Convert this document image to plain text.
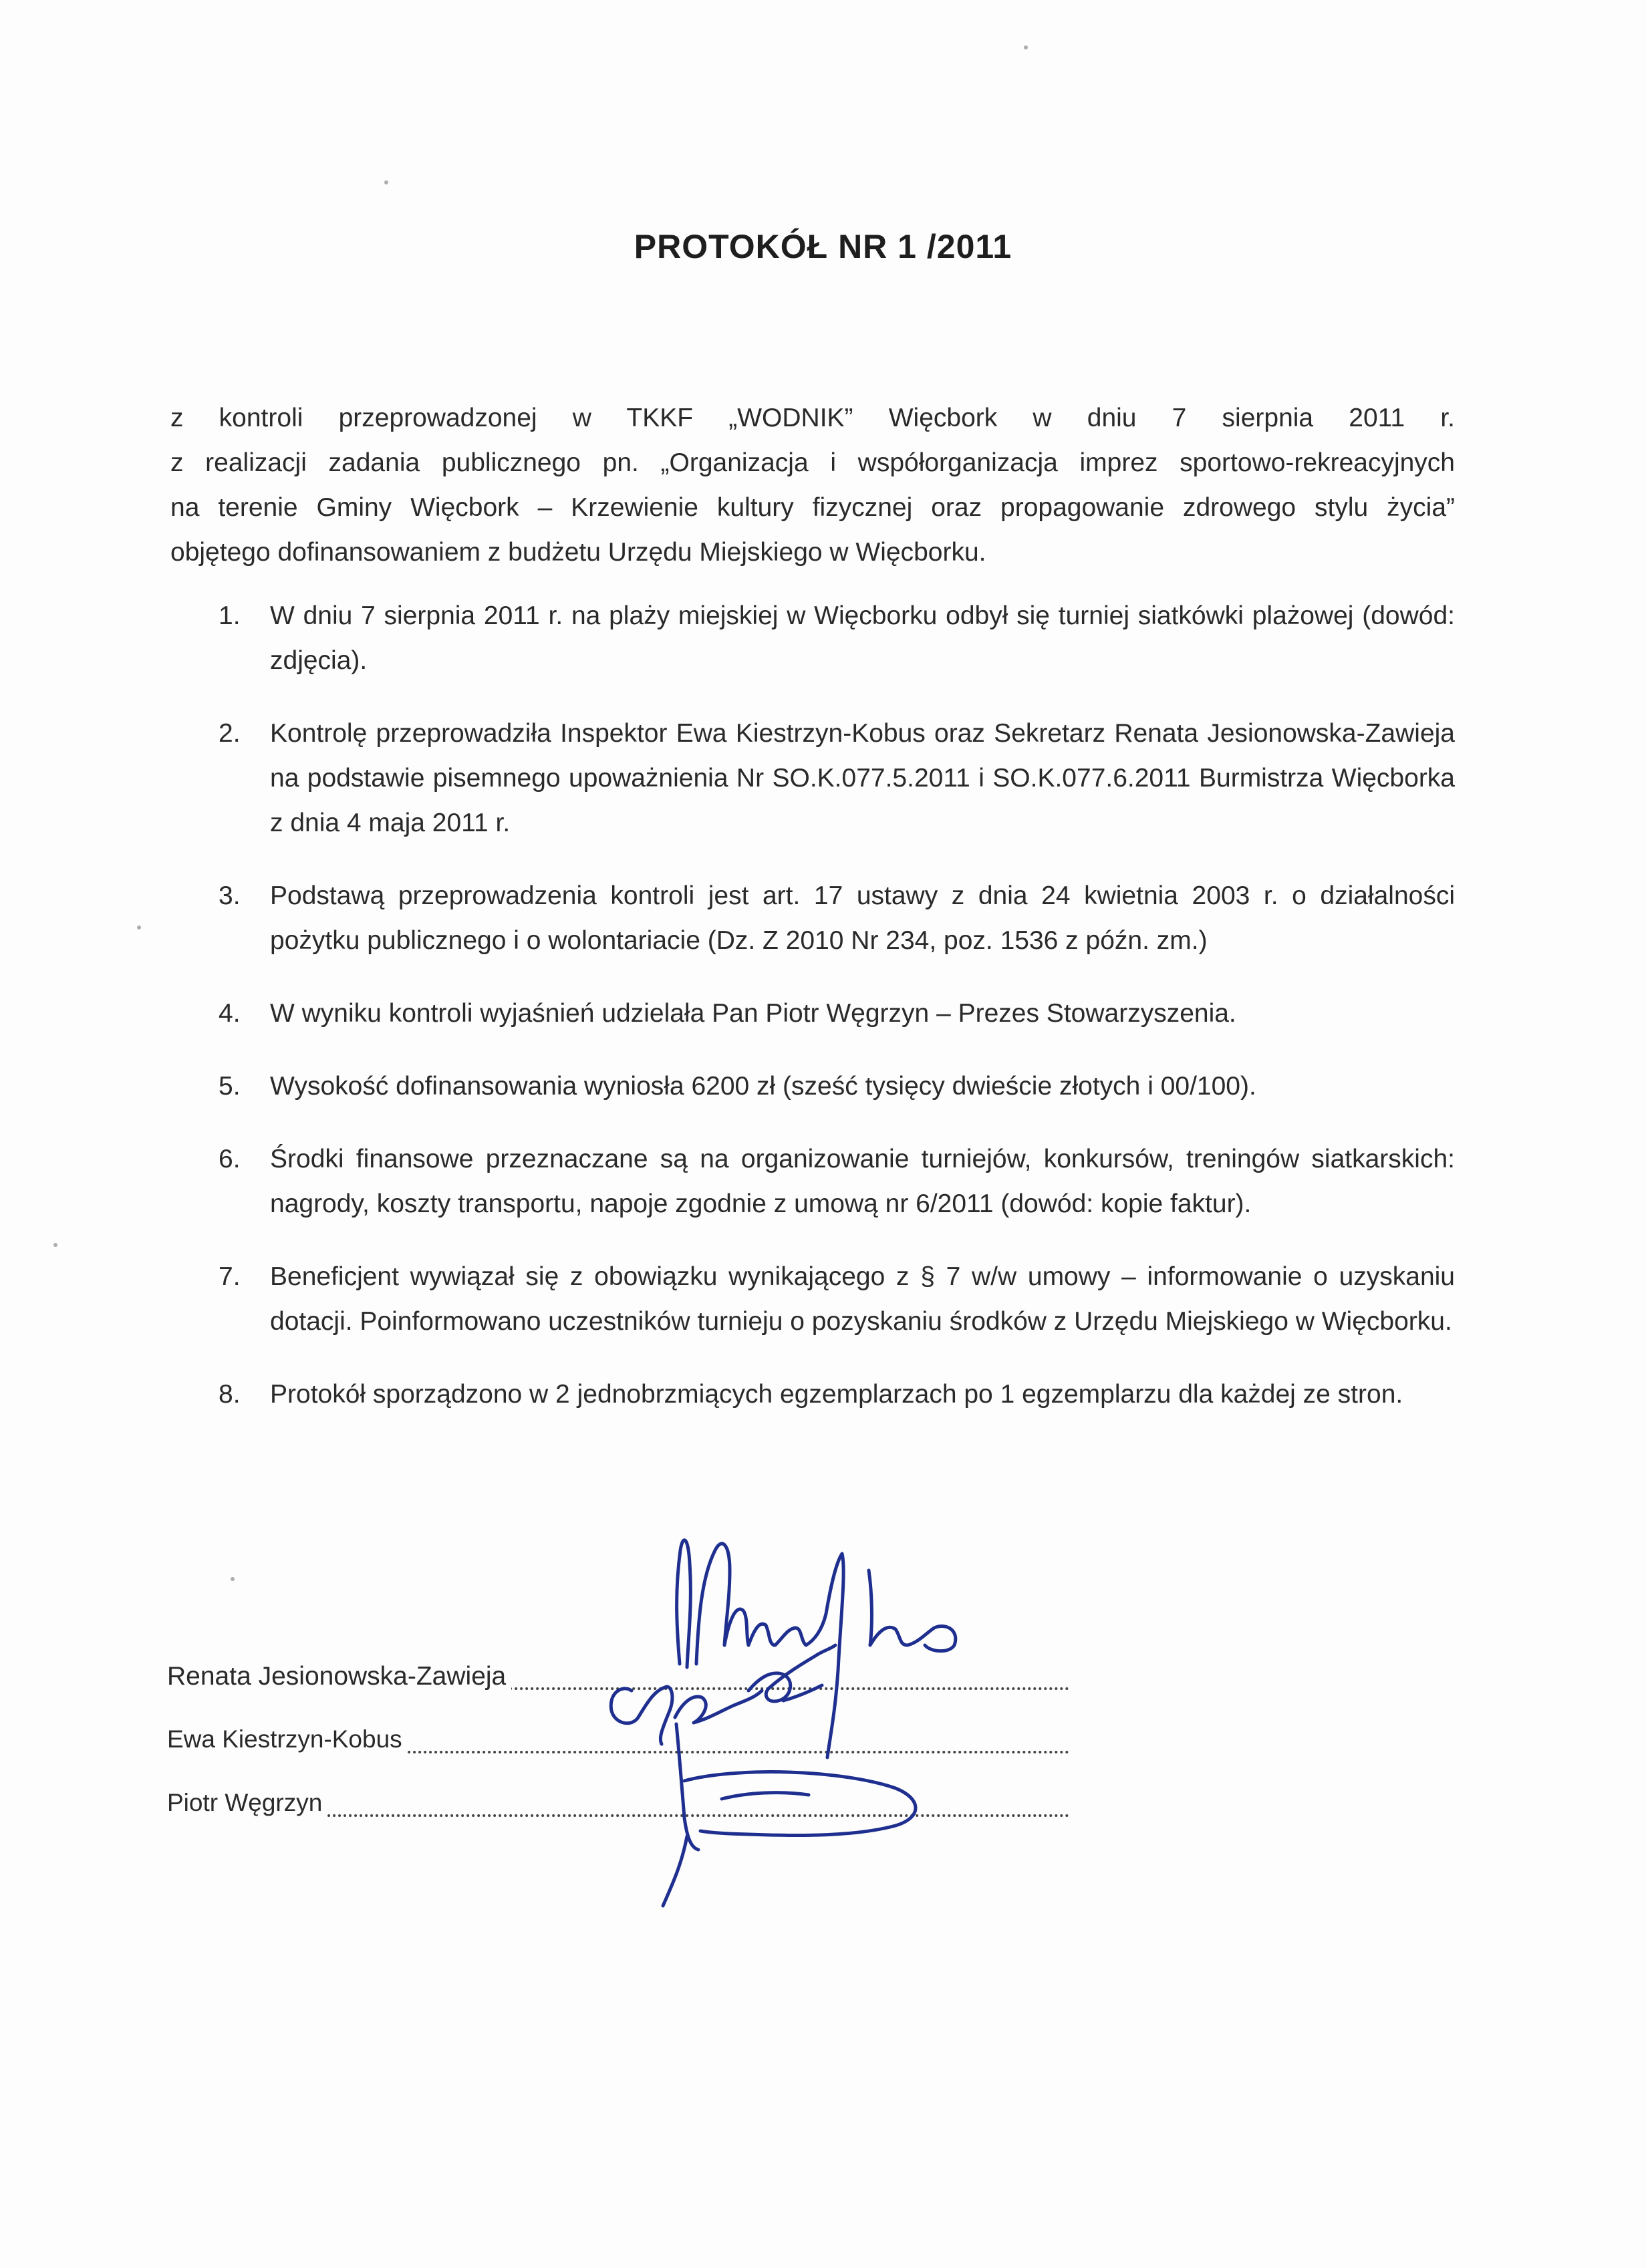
PROTOKÓŁ NR 1 /2011
z kontroli przeprowadzonej w TKKF „WODNIK” Więcbork w dniu 7 sierpnia 2011 r.
z realizacji zadania publicznego pn. „Organizacja i współorganizacja imprez sportowo-rekreacyjnych
na terenie Gminy Więcbork – Krzewienie kultury fizycznej oraz propagowanie zdrowego stylu życia”
objętego dofinansowaniem z budżetu Urzędu Miejskiego w Więcborku.
1. W dniu 7 sierpnia 2011 r. na plaży miejskiej w Więcborku odbył się turniej siatkówki plażowej (dowód: zdjęcia).
2. Kontrolę przeprowadziła Inspektor Ewa Kiestrzyn-Kobus oraz Sekretarz Renata Jesionowska-Zawieja na podstawie pisemnego upoważnienia Nr SO.K.077.5.2011 i SO.K.077.6.2011 Burmistrza Więcborka z dnia 4 maja 2011 r.
3. Podstawą przeprowadzenia kontroli jest art. 17 ustawy z dnia 24 kwietnia 2003 r. o działalności pożytku publicznego i o wolontariacie (Dz. Z 2010 Nr 234, poz. 1536 z późn. zm.)
4. W wyniku kontroli wyjaśnień udzielała Pan Piotr Węgrzyn – Prezes Stowarzyszenia.
5. Wysokość dofinansowania wyniosła 6200 zł (sześć tysięcy dwieście złotych i 00/100).
6. Środki finansowe przeznaczane są na organizowanie turniejów, konkursów, treningów siatkarskich: nagrody, koszty transportu, napoje zgodnie z umową nr 6/2011 (dowód: kopie faktur).
7. Beneficjent wywiązał się z obowiązku wynikającego z § 7 w/w umowy – informowanie o uzyskaniu dotacji. Poinformowano uczestników turnieju o pozyskaniu środków z Urzędu Miejskiego w Więcborku.
8. Protokół sporządzono w 2 jednobrzmiących egzemplarzach po 1 egzemplarzu dla każdej ze stron.
Renata Jesionowska-Zawieja
Ewa Kiestrzyn-Kobus
Piotr Węgrzyn
